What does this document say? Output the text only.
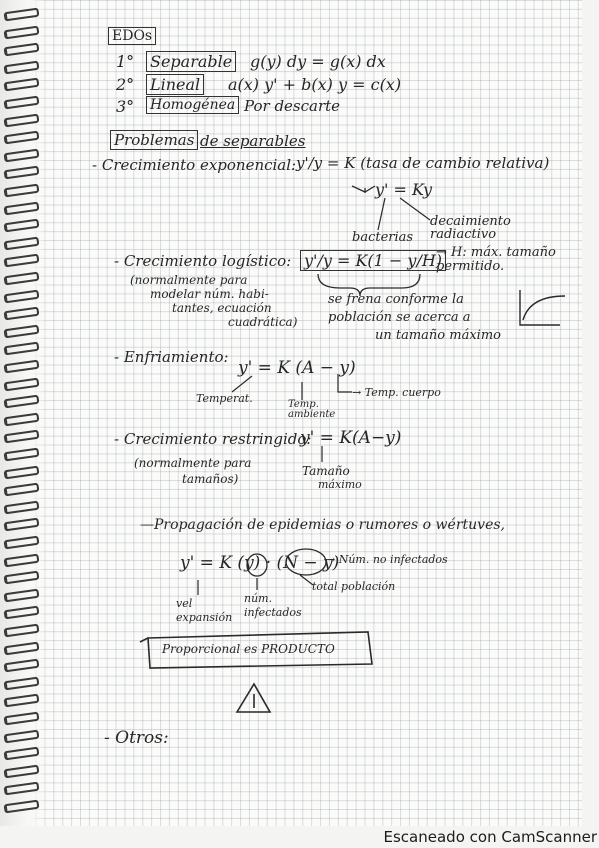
EDOs
1° Separable g(y) dy = g(x) dx
2° Lineal a(x) y' + b(x) y = c(x)
3° Homogénea Por descarte
Problemas de separables
- Crecimiento exponencial: y'/y = K (tasa de cambio relativa)
y' = Ky
bacterias
decaimiento radiactivo
- Crecimiento logístico: y'/y = K(1 − y/H)
→ H: máx. tamaño permitido.
(normalmente para
modelar núm. habi-
tantes, ecuación
cuadrática)
se frena conforme la
población se acerca a
un tamaño máximo
- Enfriamiento:
y' = K (A − y)
Temperat.	Temp. ambiente
→ Temp. cuerpo
- Crecimiento restringido:
y' = K(A−y)
(normalmente para
tamaños)
Tamaño
máximo
—Propagación de epidemias o rumores o wértuves,
y' = K (y) · (N − y)
→ Núm. no infectados
total población
vel expansión
núm. infectados
Proporcional es PRODUCTO
- Otros:
Escaneado con CamScanner
